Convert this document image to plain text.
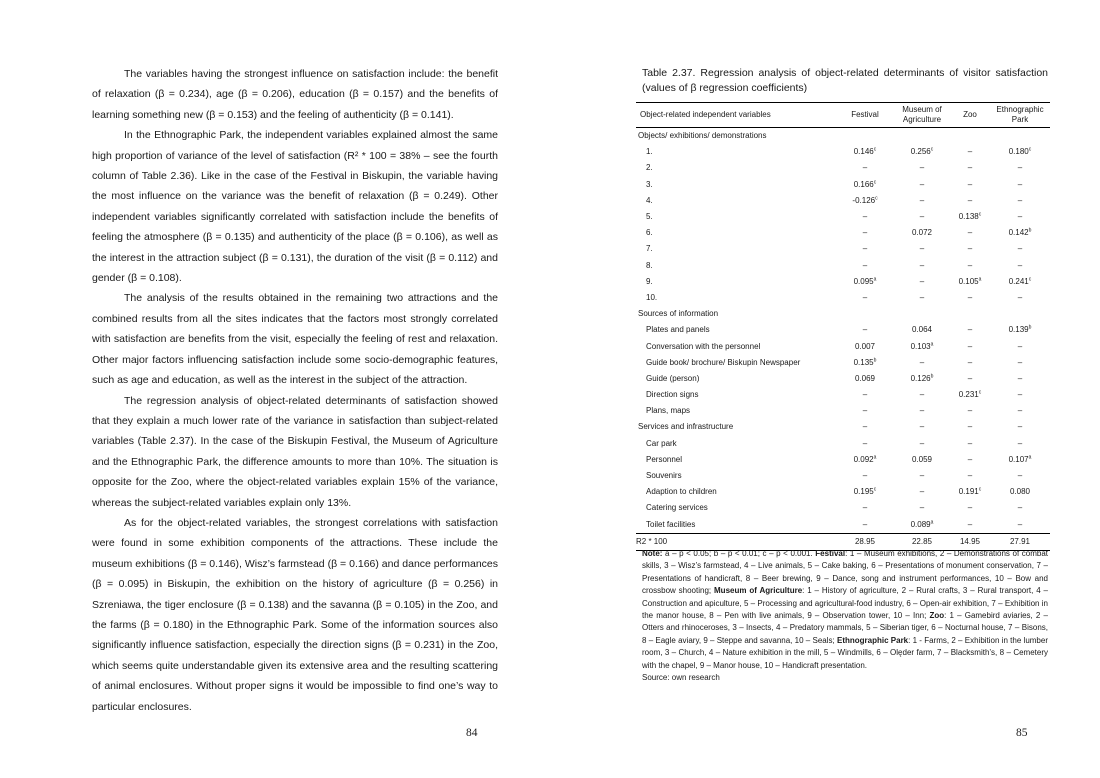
The variables having the strongest influence on satisfaction include: the benefit of relaxation (β = 0.234), age (β = 0.206), education (β = 0.157) and the benefits of learning something new (β = 0.153) and the feeling of authenticity (β = 0.141).

In the Ethnographic Park, the independent variables explained almost the same high proportion of variance of the level of satisfaction (R² * 100 = 38% – see the fourth column of Table 2.36). Like in the case of the Festival in Biskupin, the variable having the most influence on the variance was the benefit of relaxation (β = 0.249). Other independent variables significantly correlated with satisfaction include the benefits of feeling the atmosphere (β = 0.135) and authenticity of the place (β = 0.106), as well as the interest in the attraction subject (β = 0.131), the duration of the visit (β = 0.112) and gender (β = 0.108).

The analysis of the results obtained in the remaining two attractions and the combined results from all the sites indicates that the factors most strongly correlated with satisfaction are benefits from the visit, especially the feeling of rest and relaxation. Other major factors influencing satisfaction include some socio-demographic features, such as age and education, as well as the interest in the subject of the attraction.

The regression analysis of object-related determinants of satisfaction showed that they explain a much lower rate of the variance in satisfaction than subject-related variables (Table 2.37). In the case of the Biskupin Festival, the Museum of Agriculture and the Ethnographic Park, the difference amounts to more than 10%. The situation is opposite for the Zoo, where the object-related variables explain 15% of the variance, whereas the subject-related variables explain only 13%.

As for the object-related variables, the strongest correlations with satisfaction were found in some exhibition components of the attractions. These include the museum exhibitions (β = 0.146), Wisz’s farmstead (β = 0.166) and dance performances (β = 0.095) in Biskupin, the exhibition on the history of agriculture (β = 0.256) in Szreniawa, the tiger enclosure (β = 0.138) and the savanna (β = 0.105) in the Zoo, and the farms (β = 0.180) in the Ethnographic Park. Some of the information sources also significantly influence satisfaction, especially the direction signs (β = 0.231) in the Zoo, which seems quite understandable given its extensive area and the resulting scattering of animal enclosures. Without proper signs it would be impossible to find one’s way to particular enclosures.

84
Table 2.37. Regression analysis of object-related determinants of visitor satisfaction (values of β regression coefficients)
Object-related independent variables	Festival	Museum of Agriculture	Zoo	Ethnographic Park
Objects/ exhibitions/ demonstrations				
1.	0.146$^c$	0.256$^c$	–	0.180$^c$
2.	–	–	–	–
3.	0.166$^c$	–	–	–
4.	-0.126$^c$	–	–	–
5.	–	–	0.138$^c$	–
6.	–	0.072	–	0.142$^b$
7.	–	–	–	–
8.	–	–	–	–
9.	0.095$^a$	–	0.105$^a$	0.241$^c$
10.	–	–	–	–
Sources of information				
Plates and panels	–	0.064	–	0.139$^b$
Conversation with the personnel	0.007	0.103$^a$	–	–
Guide book/ brochure/ Biskupin Newspaper	0.135$^b$	–	–	–
Guide (person)	0.069	0.126$^b$	–	–
Direction signs	–	–	0.231$^c$	–
Plans, maps	–	–	–	–
Services and infrastructure	–	–	–	–
Car park	–	–	–	–
Personnel	0.092$^a$	0.059	–	0.107$^a$
Souvenirs	–	–	–	–
Adaption to children	0.195$^c$	–	0.191$^c$	0.080
Catering services	–	–	–	–
Toilet facilities	–	0.089$^a$	–	–
R2 * 100	28.95	22.85	14.95	27.91

Note: a – p < 0.05; b – p < 0.01; c – p < 0.001. Festival: 1 – Museum exhibitions, 2 – Demonstrations of combat skills, 3 – Wisz’s farmstead, 4 – Live animals, 5 – Cake baking, 6 – Presentations of monument conservation, 7 – Presentations of handicraft, 8 – Beer brewing, 9 – Dance, song and instrument performances, 10 – Bow and crossbow shooting; Museum of Agriculture: 1 – History of agriculture, 2 – Rural crafts, 3 – Rural transport, 4 – Construction and apiculture, 5 – Processing and agricultural-food industry, 6 – Open-air exhibition, 7 – Exhibition in the manor house, 8 – Pen with live animals, 9 – Observation tower, 10 – Inn; Zoo: 1 – Gamebird aviaries, 2 – Otters and rhinoceroses, 3 – Insects, 4 – Predatory mammals, 5 – Siberian tiger, 6 – Nocturnal house, 7 – Bisons, 8 – Eagle aviary, 9 – Steppe and savanna, 10 – Seals; Ethnographic Park: 1 - Farms, 2 – Exhibition in the lumber room, 3 – Church, 4 – Nature exhibition in the mill, 5 – Windmills, 6 – Olęder farm, 7 – Blacksmith’s, 8 – Cemetery with the chapel, 9 – Manor house, 10 – Handicraft presentation.

Source: own research

85
